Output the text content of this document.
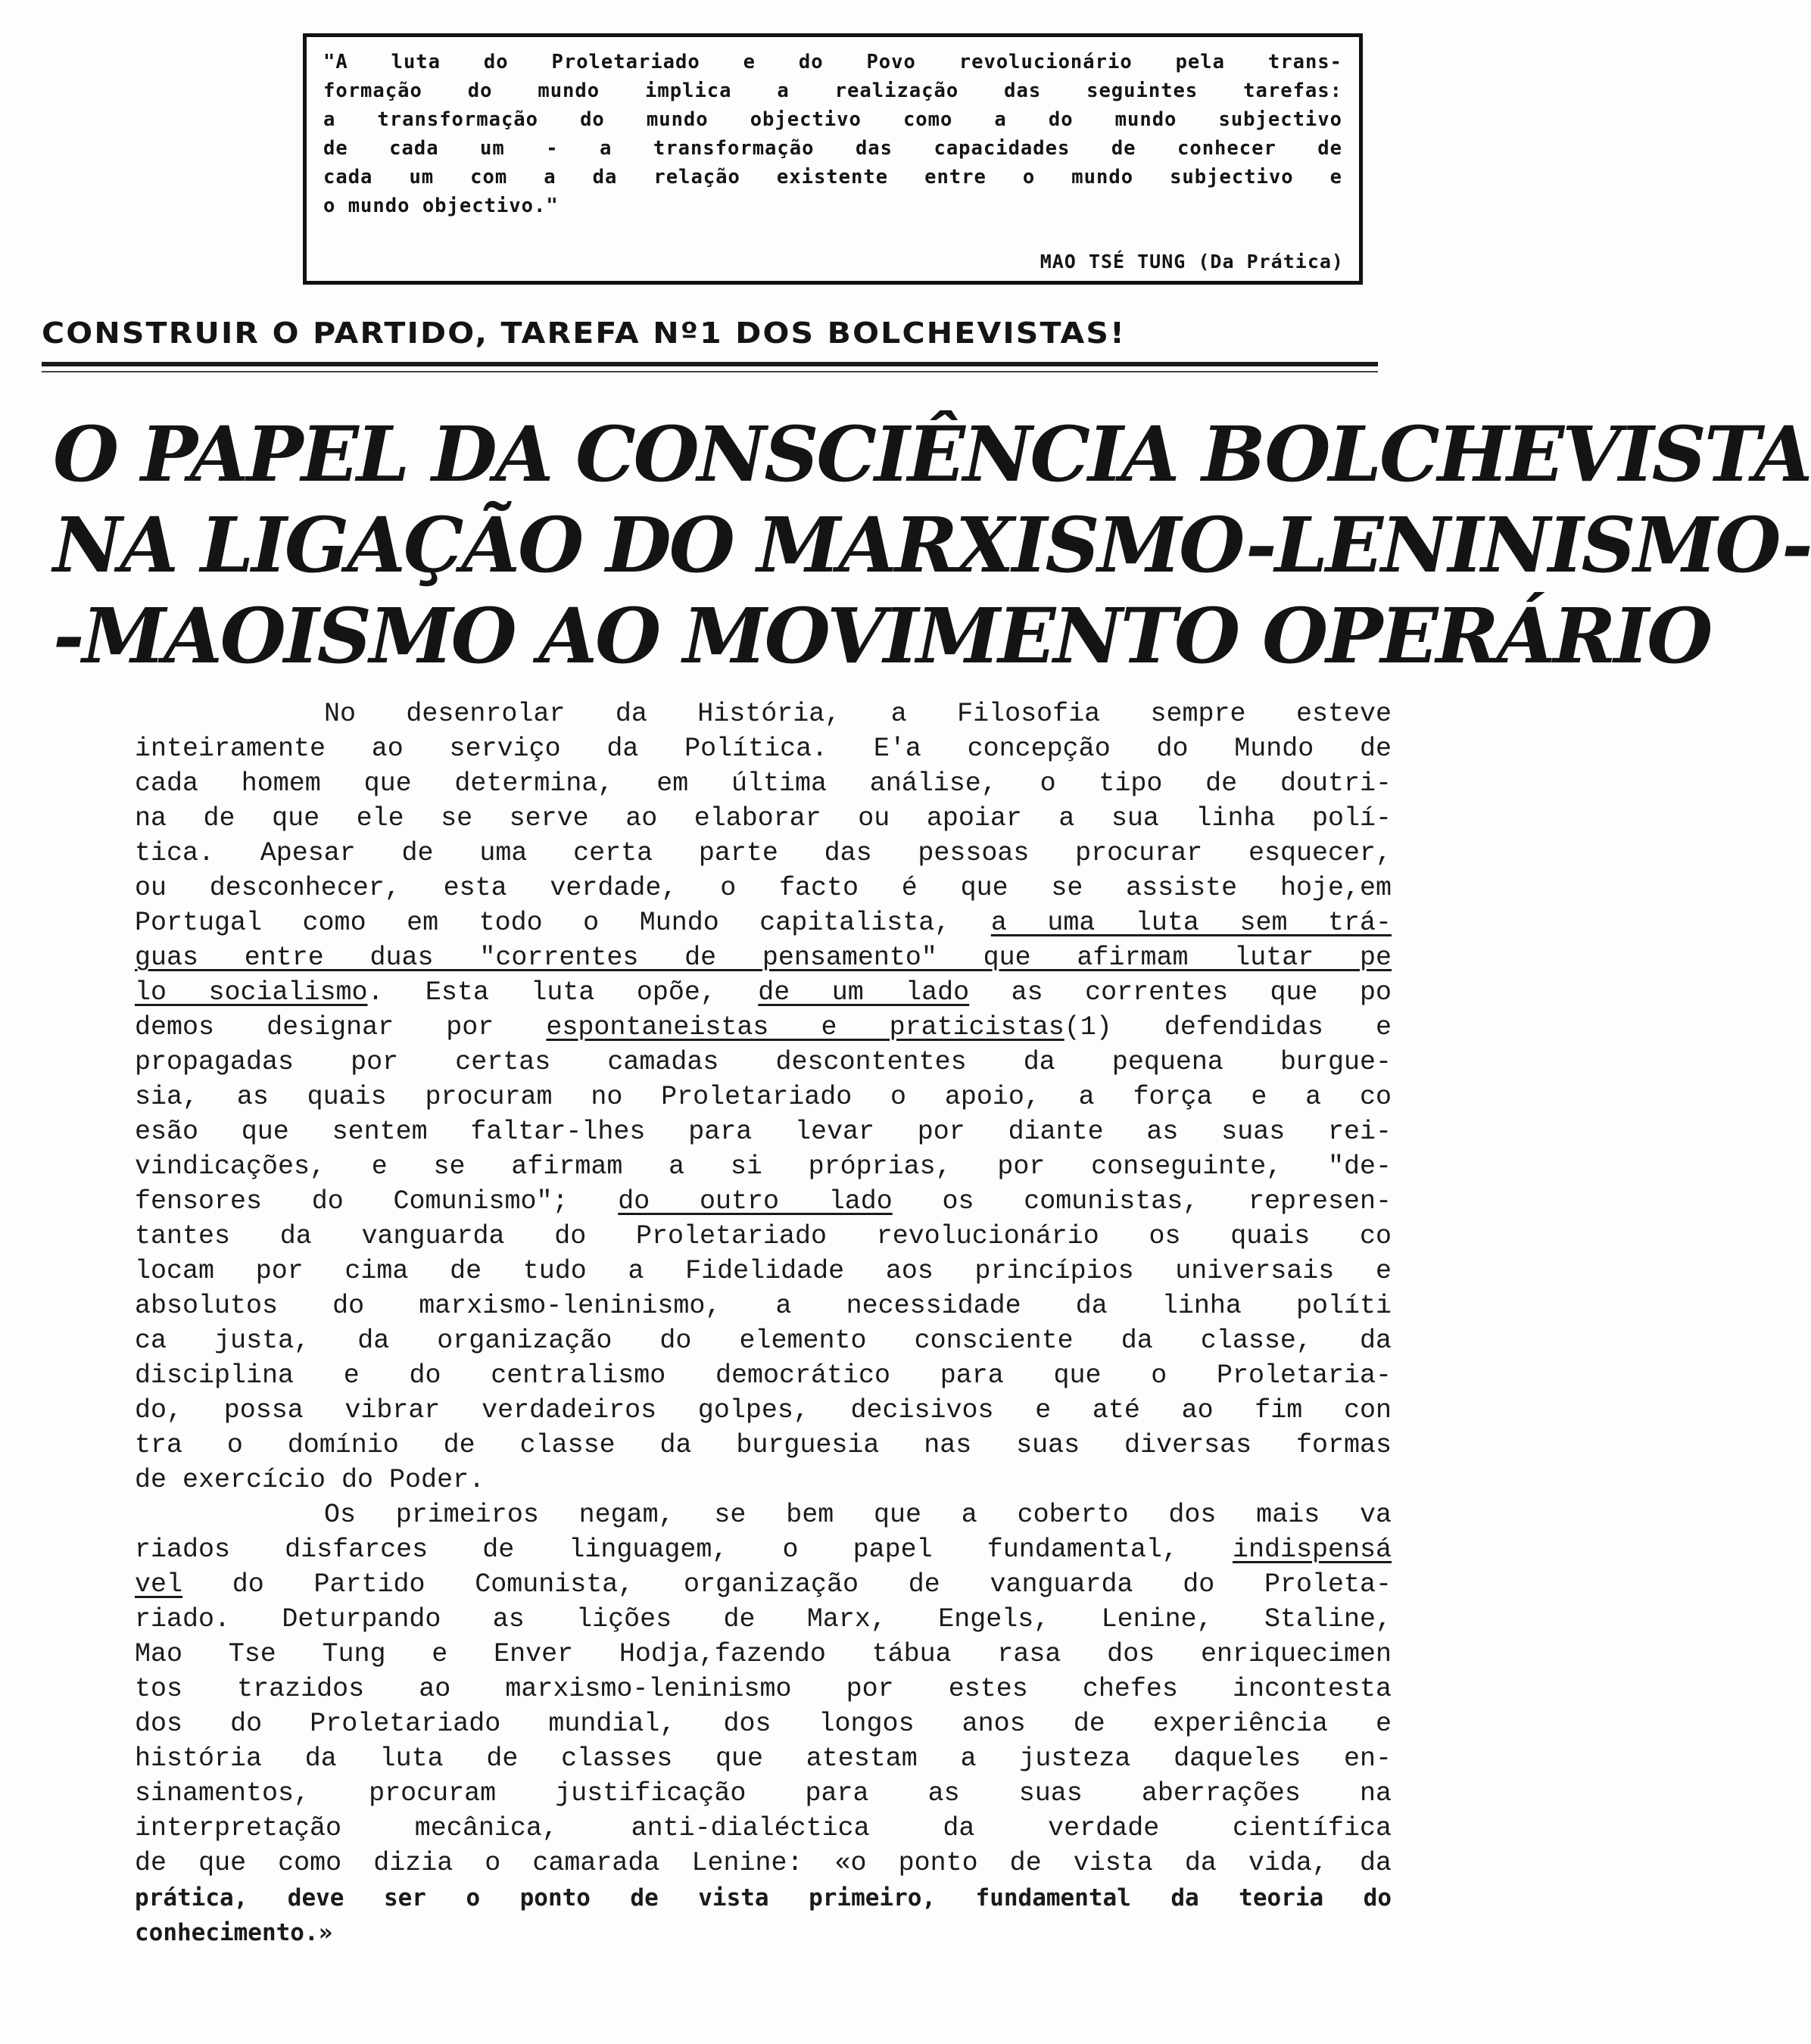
"A luta do Proletariado e do Povo revolucionário pela trans-
formação do mundo implica a realização das seguintes tarefas:
a transformação do mundo objectivo como a do mundo subjectivo
de cada um - a transformação das capacidades de conhecer de
cada um com a da relação existente entre o mundo subjectivo e
o mundo objectivo."
MAO TSÉ TUNG (Da Prática)
CONSTRUIR O PARTIDO, TAREFA Nº1 DOS BOLCHEVISTAS!
O PAPEL DA CONSCIÊNCIA BOLCHEVISTA
NA LIGAÇÃO DO MARXISMO-LENINISMO-
-MAOISMO AO MOVIMENTO OPERÁRIO
No desenrolar da História, a Filosofia sempre esteve
inteiramente ao serviço da Política. E'a concepção do Mundo de
cada homem que determina, em última análise, o tipo de doutri-
na de que ele se serve ao elaborar ou apoiar a sua linha polí-
tica. Apesar de uma certa parte das pessoas procurar esquecer,
ou desconhecer, esta verdade, o facto é que se assiste hoje,em
Portugal como em todo o Mundo capitalista, a uma luta sem trá-
guas entre duas "correntes de pensamento" que afirmam lutar pe
lo socialismo. Esta luta opõe, de um lado as correntes que po
demos designar por espontaneistas e praticistas(1) defendidas e
propagadas por certas camadas descontentes da pequena burgue-
sia, as quais procuram no Proletariado o apoio, a força e a co
esão que sentem faltar-lhes para levar por diante as suas rei-
vindicações, e se afirmam a si próprias, por conseguinte, "de-
fensores do Comunismo"; do outro lado os comunistas, represen-
tantes da vanguarda do Proletariado revolucionário os quais co
locam por cima de tudo a Fidelidade aos princípios universais e
absolutos do marxismo-leninismo, a necessidade da linha políti
ca justa, da organização do elemento consciente da classe, da
disciplina e do centralismo democrático para que o Proletaria-
do, possa vibrar verdadeiros golpes, decisivos e até ao fim con
tra o domínio de classe da burguesia nas suas diversas formas
de exercício do Poder.
Os primeiros negam, se bem que a coberto dos mais va
riados disfarces de linguagem, o papel fundamental, indispensá
vel do Partido Comunista, organização de vanguarda do Proleta-
riado. Deturpando as lições de Marx, Engels, Lenine, Staline,
Mao Tse Tung e Enver Hodja,fazendo tábua rasa dos enriquecimen
tos trazidos ao marxismo-leninismo por estes chefes incontesta
dos do Proletariado mundial, dos longos anos de experiência e
história da luta de classes que atestam a justeza daqueles en-
sinamentos, procuram justificação para as suas aberrações na
interpretação mecânica, anti-dialéctica da verdade científica
de que como dizia o camarada Lenine: «o ponto de vista da vida, da
prática, deve ser o ponto de vista primeiro, fundamental da teoria do
conhecimento.»
